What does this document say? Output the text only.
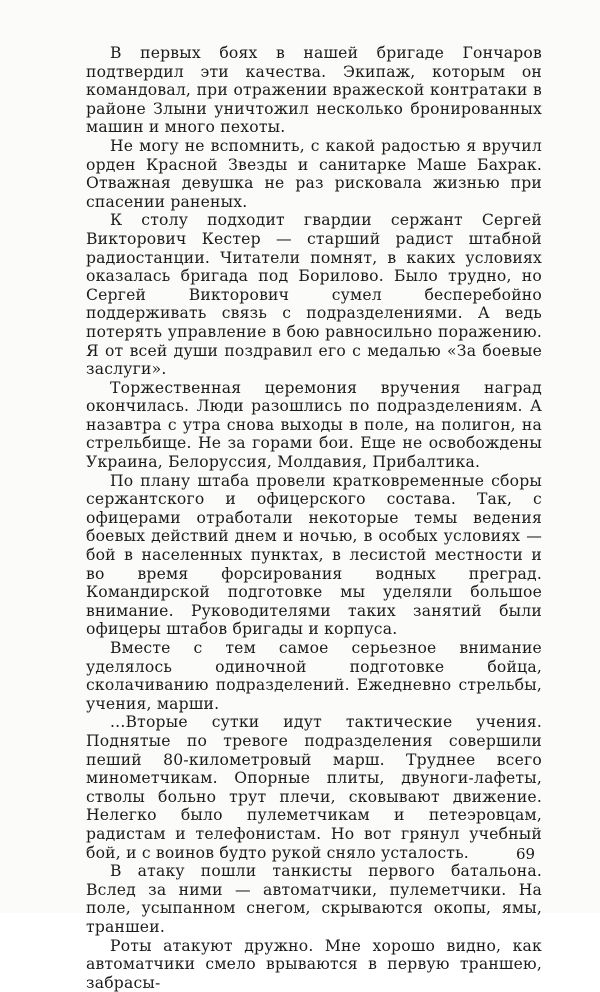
В первых боях в нашей бригаде Гончаров подтвердил эти качества. Экипаж, которым он командовал, при отражении вражеской контратаки в районе Злыни уничтожил несколько бронированных машин и много пехоты.

Не могу не вспомнить, с какой радостью я вручил орден Красной Звезды и санитарке Маше Бахрак. Отважная девушка не раз рисковала жизнью при спасении раненых.

К столу подходит гвардии сержант Сергей Викторович Кестер — старший радист штабной радиостанции. Читатели помнят, в каких условиях оказалась бригада под Борилово. Было трудно, но Сергей Викторович сумел бесперебойно поддерживать связь с подразделениями. А ведь потерять управление в бою равносильно поражению. Я от всей души поздравил его с медалью «За боевые заслуги».

Торжественная церемония вручения наград окончилась. Люди разошлись по подразделениям. А назавтра с утра снова выходы в поле, на полигон, на стрельбище. Не за горами бои. Еще не освобождены Украина, Белоруссия, Молдавия, Прибалтика.

По плану штаба провели кратковременные сборы сержантского и офицерского состава. Так, с офицерами отработали некоторые темы ведения боевых действий днем и ночью, в особых условиях — бой в населенных пунктах, в лесистой местности и во время форсирования водных преград. Командирской подготовке мы уделяли большое внимание. Руководителями таких занятий были офицеры штабов бригады и корпуса.

Вместе с тем самое серьезное внимание уделялось одиночной подготовке бойца, сколачиванию подразделений. Ежедневно стрельбы, учения, марши.

...Вторые сутки идут тактические учения. Поднятые по тревоге подразделения совершили пеший 80-километровый марш. Труднее всего минометчикам. Опорные плиты, двуноги-лафеты, стволы больно трут плечи, сковывают движение. Нелегко было пулеметчикам и петеэровцам, радистам и телефонистам. Но вот грянул учебный бой, и с воинов будто рукой сняло усталость.

В атаку пошли танкисты первого батальона. Вслед за ними — автоматчики, пулеметчики. На поле, усыпанном снегом, скрываются окопы, ямы, траншеи.

Роты атакуют дружно. Мне хорошо видно, как автоматчики смело врываются в первую траншею, забрасы-

69
